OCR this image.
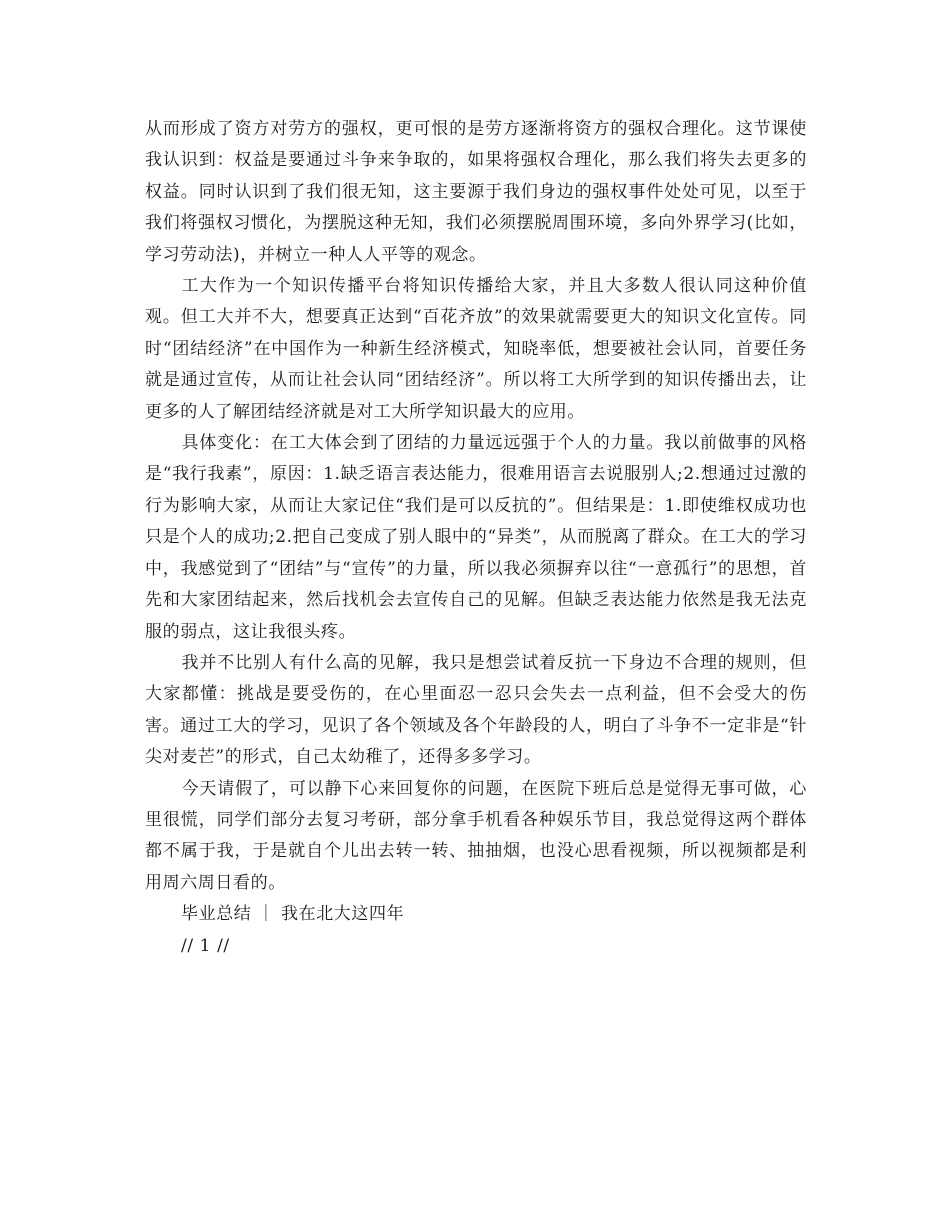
从而形成了资方对劳方的强权，更可恨的是劳方逐渐将资方的强权合理化。这节课使我认识到：权益是要通过斗争来争取的，如果将强权合理化，那么我们将失去更多的权益。同时认识到了我们很无知，这主要源于我们身边的强权事件处处可见，以至于我们将强权习惯化，为摆脱这种无知，我们必须摆脱周围环境，多向外界学习(比如，学习劳动法)，并树立一种人人平等的观念。

工大作为一个知识传播平台将知识传播给大家，并且大多数人很认同这种价值观。但工大并不大，想要真正达到“百花齐放”的效果就需要更大的知识文化宣传。同时“团结经济”在中国作为一种新生经济模式，知晓率低，想要被社会认同，首要任务就是通过宣传，从而让社会认同“团结经济”。所以将工大所学到的知识传播出去，让更多的人了解团结经济就是对工大所学知识最大的应用。

具体变化：在工大体会到了团结的力量远远强于个人的力量。我以前做事的风格是“我行我素”，原因：1.缺乏语言表达能力，很难用语言去说服别人;2.想通过过激的行为影响大家，从而让大家记住“我们是可以反抗的”。但结果是：1.即使维权成功也只是个人的成功;2.把自己变成了别人眼中的“异类”，从而脱离了群众。在工大的学习中，我感觉到了“团结”与“宣传”的力量，所以我必须摒弃以往“一意孤行”的思想，首先和大家团结起来，然后找机会去宣传自己的见解。但缺乏表达能力依然是我无法克服的弱点，这让我很头疼。

我并不比别人有什么高的见解，我只是想尝试着反抗一下身边不合理的规则，但大家都懂：挑战是要受伤的，在心里面忍一忍只会失去一点利益，但不会受大的伤害。通过工大的学习，见识了各个领域及各个年龄段的人，明白了斗争不一定非是“针尖对麦芒”的形式，自己太幼稚了，还得多多学习。

今天请假了，可以静下心来回复你的问题，在医院下班后总是觉得无事可做，心里很慌，同学们部分去复习考研，部分拿手机看各种娱乐节目，我总觉得这两个群体都不属于我，于是就自个儿出去转一转、抽抽烟，也没心思看视频，所以视频都是利用周六周日看的。

毕业总结 ｜ 我在北大这四年

// 1 //
